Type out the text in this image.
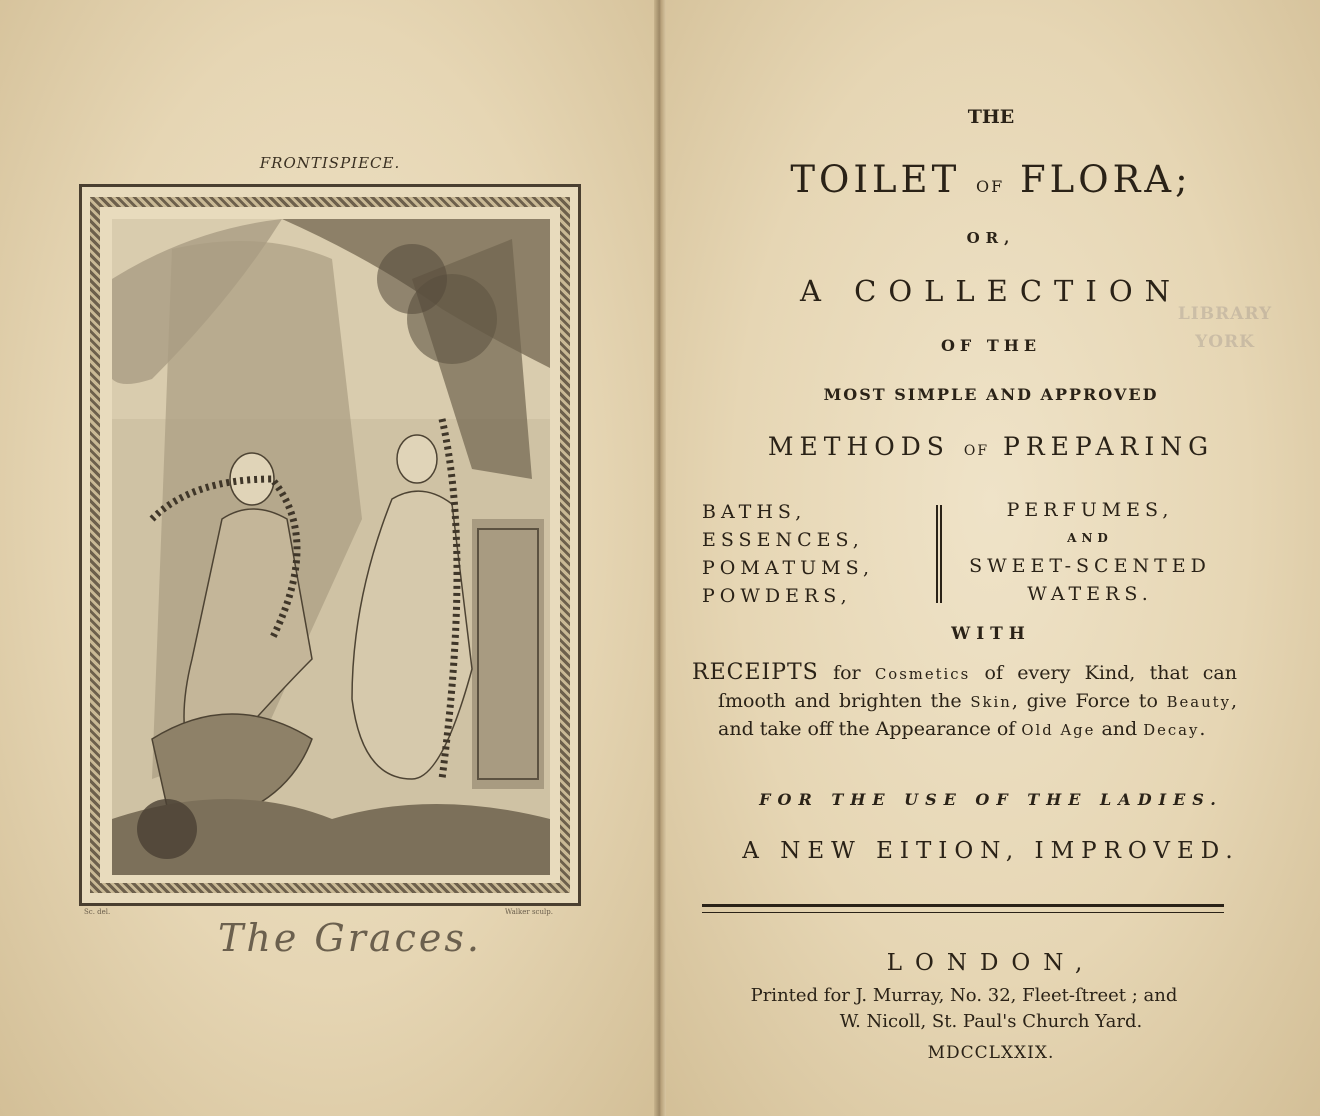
FRONTISPIECE.
Sc. del.	Walker sculp.
The Graces.
THE
TOILET OF FLORA;
OR,
A COLLECTION
OF THE
MOST SIMPLE AND APPROVED
METHODS OF PREPARING
BATHS,
ESSENCES,
POMATUMS,
POWDERS,
PERFUMES,
AND
SWEET-SCENTED
WATERS.
WITH

RECEIPTS for Cosmetics of every Kind, that can ſmooth and brighten the Skin, give Force to Beauty, and take off the Appearance of Old Age and Decay.

FOR THE USE OF THE LADIES.
A NEW EITION, IMPROVED.
LONDON,
Printed for J. Murray, No. 32, Fleet-ſtreet ; and
W. Nicoll, St. Paul's Church Yard.
MDCCLXXIX.
LIBRARY YORK
